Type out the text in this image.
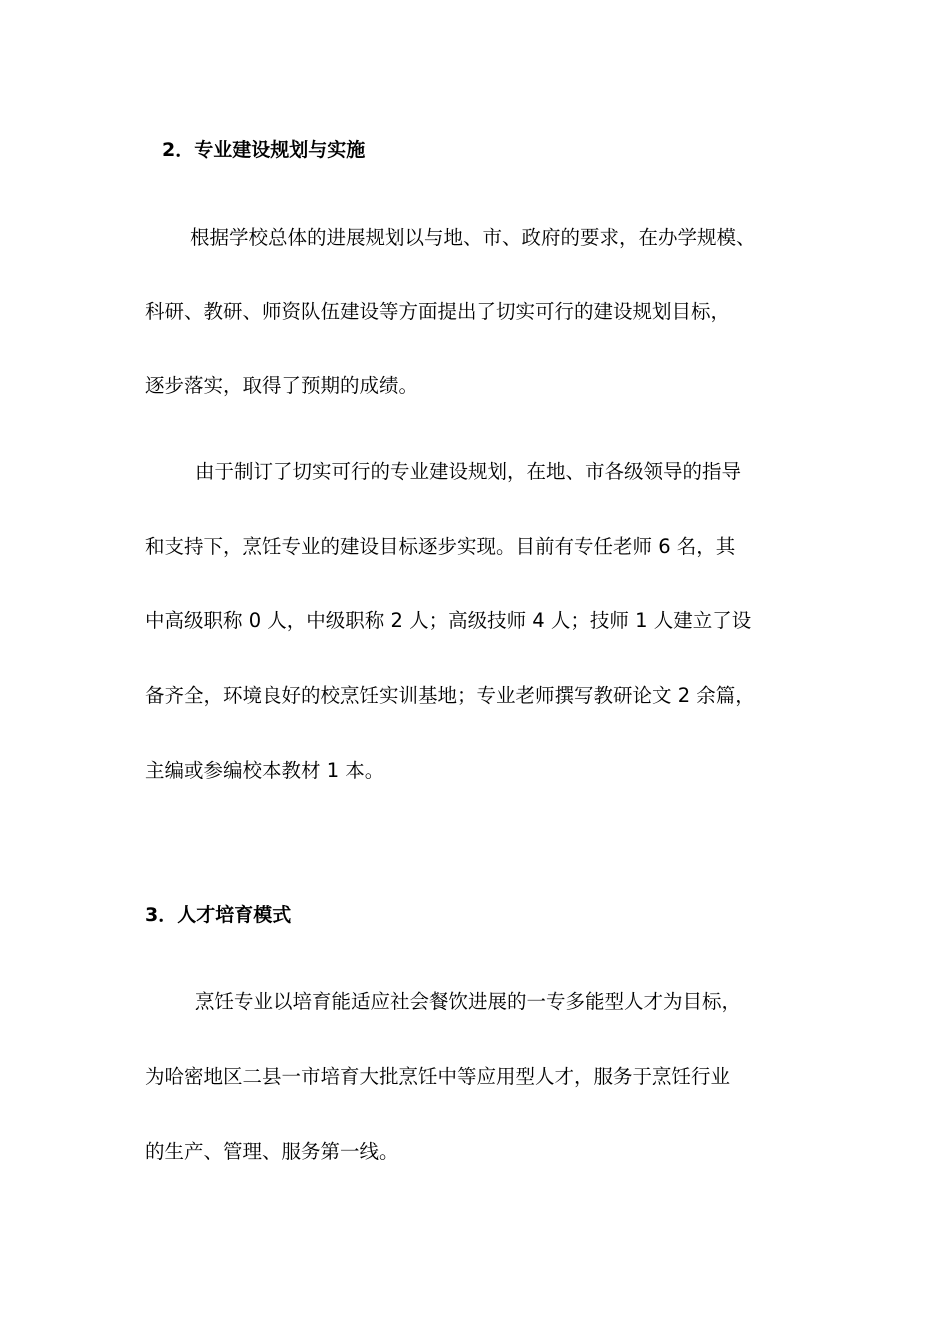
2．专业建设规划与实施
根据学校总体的进展规划以与地、市、政府的要求，在办学规模、
科研、教研、师资队伍建设等方面提出了切实可行的建设规划目标，
逐步落实，取得了预期的成绩。
由于制订了切实可行的专业建设规划，在地、市各级领导的指导
和支持下，烹饪专业的建设目标逐步实现。目前有专任老师 6 名，其
中高级职称 0 人，中级职称 2 人；高级技师 4 人；技师 1 人建立了设
备齐全，环境良好的校烹饪实训基地；专业老师撰写教研论文 2 余篇，
主编或参编校本教材 1 本。
3．人才培育模式
烹饪专业以培育能适应社会餐饮进展的一专多能型人才为目标，
为哈密地区二县一市培育大批烹饪中等应用型人才，服务于烹饪行业
的生产、管理、服务第一线。
